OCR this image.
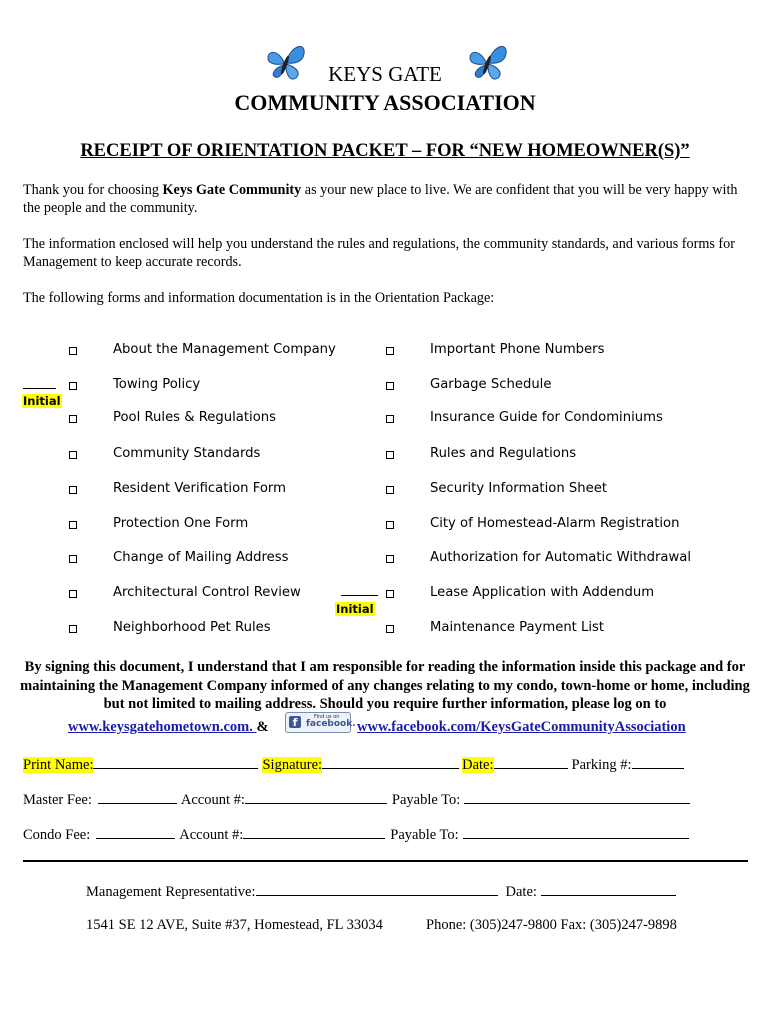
KEYS GATE
COMMUNITY ASSOCIATION
RECEIPT OF ORIENTATION PACKET – FOR “NEW HOMEOWNER(S)”
Thank you for choosing Keys Gate Community as your new place to live. We are confident that you will be very happy with the people and the community.
The information enclosed will help you understand the rules and regulations, the community standards, and various forms for Management to keep accurate records.
The following forms and information documentation is in the Orientation Package:
Initial
Initial
About the Management Company
Towing Policy
Pool Rules & Regulations
Community Standards
Resident Verification Form
Protection One Form
Change of Mailing Address
Architectural Control Review
Neighborhood Pet Rules
Important Phone Numbers
Garbage Schedule
Insurance Guide for Condominiums
Rules and Regulations
Security Information Sheet
City of Homestead-Alarm Registration
Authorization for Automatic Withdrawal
Lease Application with Addendum
Maintenance Payment List
By signing this document, I understand that I am responsible for reading the information inside this package and for maintaining the Management Company informed of any changes relating to my condo, town-home or home, including but not limited to mailing address. Should you require further information, please log on to
www.keysgatehometown.com. &	f	Find us on
facebook. www.facebook.com/KeysGateCommunityAssociation
Print Name:	Signature:	Date:	Parking #:
Master Fee:	Account #:	Payable To:
Condo Fee:	Account #:	Payable To:
Management Representative:	Date:
1541 SE 12 AVE, Suite #37, Homestead, FL 33034	Phone: (305)247-9800 Fax: (305)247-9898
